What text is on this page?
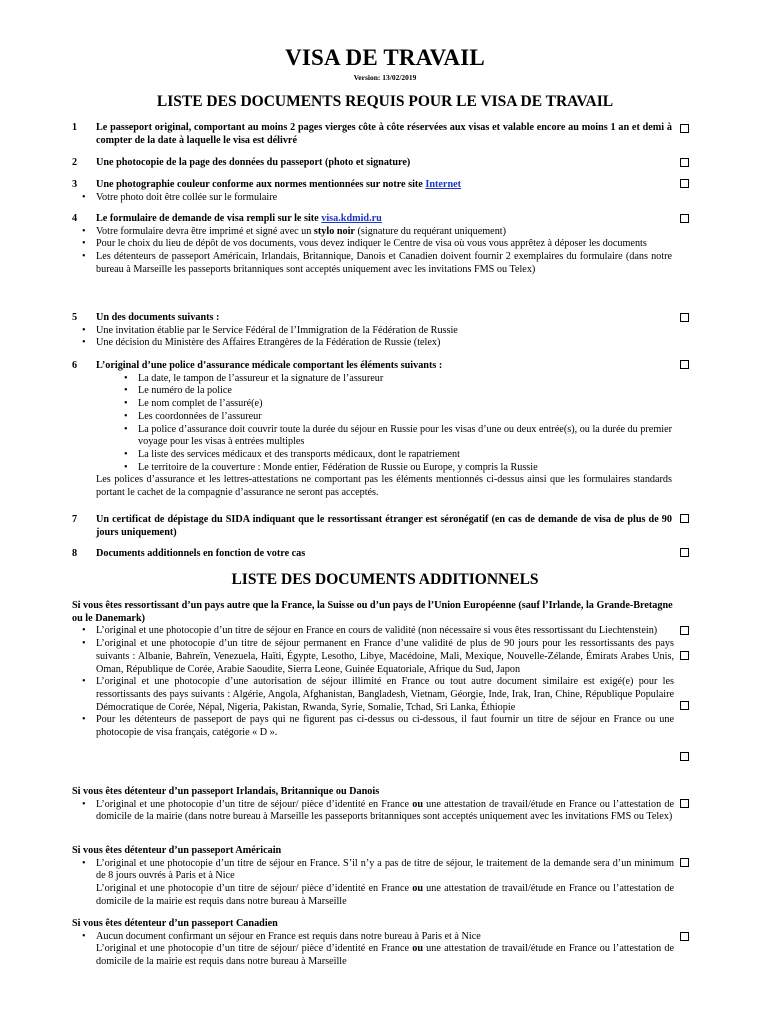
VISA DE TRAVAIL
Version: 13/02/2019
LISTE DES DOCUMENTS REQUIS POUR LE VISA DE TRAVAIL
1	Le passeport original, comportant au moins 2 pages vierges côte à côte réservées aux visas et valable encore au moins 1 an et demi à compter de la date à laquelle le visa est délivré
2	Une photocopie de la page des données du passeport (photo et signature)
3	Une photographie couleur conforme aux normes mentionnées sur notre site Internet
• Votre photo doit être collée sur le formulaire
4	Le formulaire de demande de visa rempli sur le site visa.kdmid.ru
• Votre formulaire devra être imprimé et signé avec un stylo noir (signature du requérant uniquement)
• Pour le choix du lieu de dépôt de vos documents, vous devez indiquer le Centre de visa où vous vous apprêtez à déposer les documents
• Les détenteurs de passeport Américain, Irlandais, Britannique, Danois et Canadien doivent fournir 2 exemplaires du formulaire (dans notre bureau à Marseille les passeports britanniques sont acceptés uniquement avec les invitations FMS ou Telex)
5	Un des documents suivants :
• Une invitation établie par le Service Fédéral de l’Immigration de la Fédération de Russie
• Une décision du Ministère des Affaires Etrangères de la Fédération de Russie (telex)
6	L’original d’une police d’assurance médicale comportant les éléments suivants :
• La date, le tampon de l’assureur et la signature de l’assureur
• Le numéro de la police
• Le nom complet de l’assuré(e)
• Les coordonnées de l’assureur
• La police d’assurance doit couvrir toute la durée du séjour en Russie pour les visas d’une ou deux entrée(s), ou la durée du premier voyage pour les visas à entrées multiples
• La liste des services médicaux et des transports médicaux, dont le rapatriement
• Le territoire de la couverture : Monde entier, Fédération de Russie ou Europe, y compris la Russie
Les polices d’assurance et les lettres-attestations ne comportant pas les éléments mentionnés ci-dessus ainsi que les formulaires standards portant le cachet de la compagnie d’assurance ne seront pas acceptés.
7	Un certificat de dépistage du SIDA indiquant que le ressortissant étranger est séronégatif (en cas de demande de visa de plus de 90 jours uniquement)
8	Documents additionnels en fonction de votre cas
LISTE DES DOCUMENTS ADDITIONNELS
Si vous êtes ressortissant d’un pays autre que la France, la Suisse ou d’un pays de l’Union Européenne (sauf l’Irlande, la Grande-Bretagne ou le Danemark)
• L’original et une photocopie d’un titre de séjour en France en cours de validité (non nécessaire si vous êtes ressortissant du Liechtenstein)
• L’original et une photocopie d’un titre de séjour permanent en France d’une validité de plus de 90 jours pour les ressortissants des pays suivants : Albanie, Bahreïn, Venezuela, Haïti, Égypte, Lesotho, Libye, Macédoine, Mali, Mexique, Nouvelle-Zélande, Émirats Arabes Unis, Oman, République de Corée, Arabie Saoudite, Sierra Leone, Guinée Equatoriale, Afrique du Sud, Japon
• L’original et une photocopie d’une autorisation de séjour illimité en France ou tout autre document similaire est exigé(e) pour les ressortissants des pays suivants : Algérie, Angola, Afghanistan, Bangladesh, Vietnam, Géorgie, Inde, Irak, Iran, Chine, République Populaire Démocratique de Corée, Népal, Nigeria, Pakistan, Rwanda, Syrie, Somalie, Tchad, Sri Lanka, Éthiopie
• Pour les détenteurs de passeport de pays qui ne figurent pas ci-dessus ou ci-dessous, il faut fournir un titre de séjour en France ou une photocopie de visa français, catégorie « D ».
Si vous êtes détenteur d’un passeport Irlandais, Britannique ou Danois
• L’original et une photocopie d’un titre de séjour/ pièce d’identité en France ou une attestation de travail/étude en France ou l’attestation de domicile de la mairie (dans notre bureau à Marseille les passeports britanniques sont acceptés uniquement avec les invitations FMS ou Telex)
Si vous êtes détenteur d’un passeport Américain
• L’original et une photocopie d’un titre de séjour en France. S’il n’y a pas de titre de séjour, le traitement de la demande sera d’un minimum de 8 jours ouvrés à Paris et à Nice
L’original et une photocopie d’un titre de séjour/ pièce d’identité en France ou une attestation de travail/étude en France ou l’attestation de domicile de la mairie est requis dans notre bureau à Marseille
Si vous êtes détenteur d’un passeport Canadien
• Aucun document confirmant un séjour en France est requis dans notre bureau à Paris et à Nice
L’original et une photocopie d’un titre de séjour/ pièce d’identité en France ou une attestation de travail/étude en France ou l’attestation de domicile de la mairie est requis dans notre bureau à Marseille
